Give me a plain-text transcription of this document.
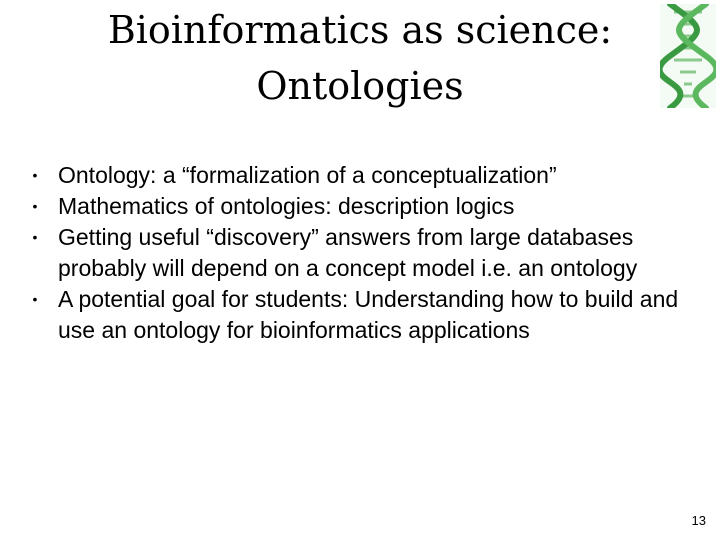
Bioinformatics as science:
Ontologies
• Ontology: a “formalization of a conceptualization”
• Mathematics of ontologies: description logics
• Getting useful “discovery” answers from large databases probably will depend on a concept model i.e. an ontology
• A potential goal for students: Understanding how to build and use an ontology for bioinformatics applications
13
